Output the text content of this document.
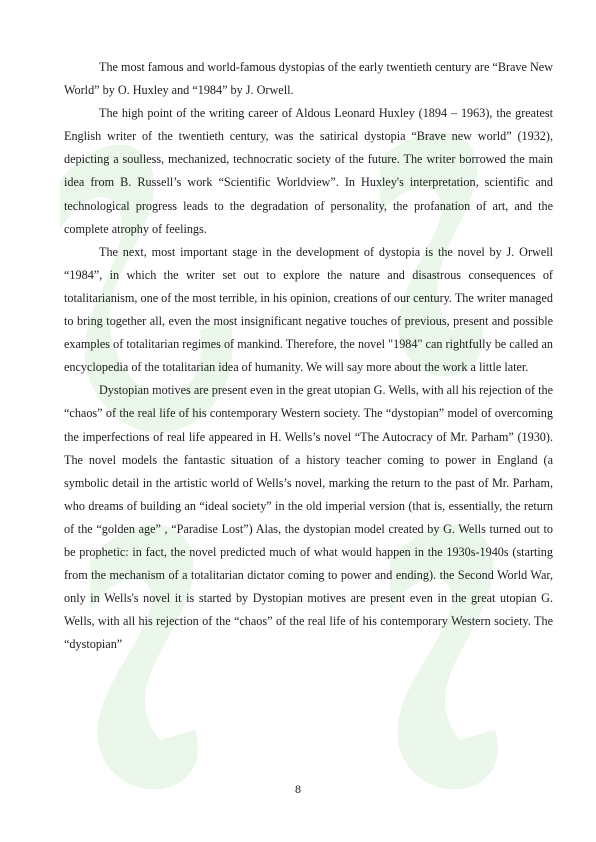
The most famous and world-famous dystopias of the early twentieth century are “Brave New World” by O. Huxley and “1984” by J. Orwell.

The high point of the writing career of Aldous Leonard Huxley (1894 – 1963), the greatest English writer of the twentieth century, was the satirical dystopia “Brave new world” (1932), depicting a soulless, mechanized, technocratic society of the future. The writer borrowed the main idea from B. Russell’s work “Scientific Worldview”. In Huxley's interpretation, scientific and technological progress leads to the degradation of personality, the profanation of art, and the complete atrophy of feelings.

The next, most important stage in the development of dystopia is the novel by J. Orwell “1984”, in which the writer set out to explore the nature and disastrous consequences of totalitarianism, one of the most terrible, in his opinion, creations of our century. The writer managed to bring together all, even the most insignificant negative touches of previous, present and possible examples of totalitarian regimes of mankind. Therefore, the novel "1984" can rightfully be called an encyclopedia of the totalitarian idea of humanity. We will say more about the work a little later.

Dystopian motives are present even in the great utopian G. Wells, with all his rejection of the “chaos” of the real life of his contemporary Western society. The “dystopian” model of overcoming the imperfections of real life appeared in H. Wells’s novel “The Autocracy of Mr. Parham” (1930). The novel models the fantastic situation of a history teacher coming to power in England (a symbolic detail in the artistic world of Wells’s novel, marking the return to the past of Mr. Parham, who dreams of building an “ideal society” in the old imperial version (that is, essentially, the return of the “golden age” , “Paradise Lost”) Alas, the dystopian model created by G. Wells turned out to be prophetic: in fact, the novel predicted much of what would happen in the 1930s-1940s (starting from the mechanism of a totalitarian dictator coming to power and ending). the Second World War, only in Wells's novel it is started by Dystopian motives are present even in the great utopian G. Wells, with all his rejection of the “chaos” of the real life of his contemporary Western society. The “dystopian”

8
